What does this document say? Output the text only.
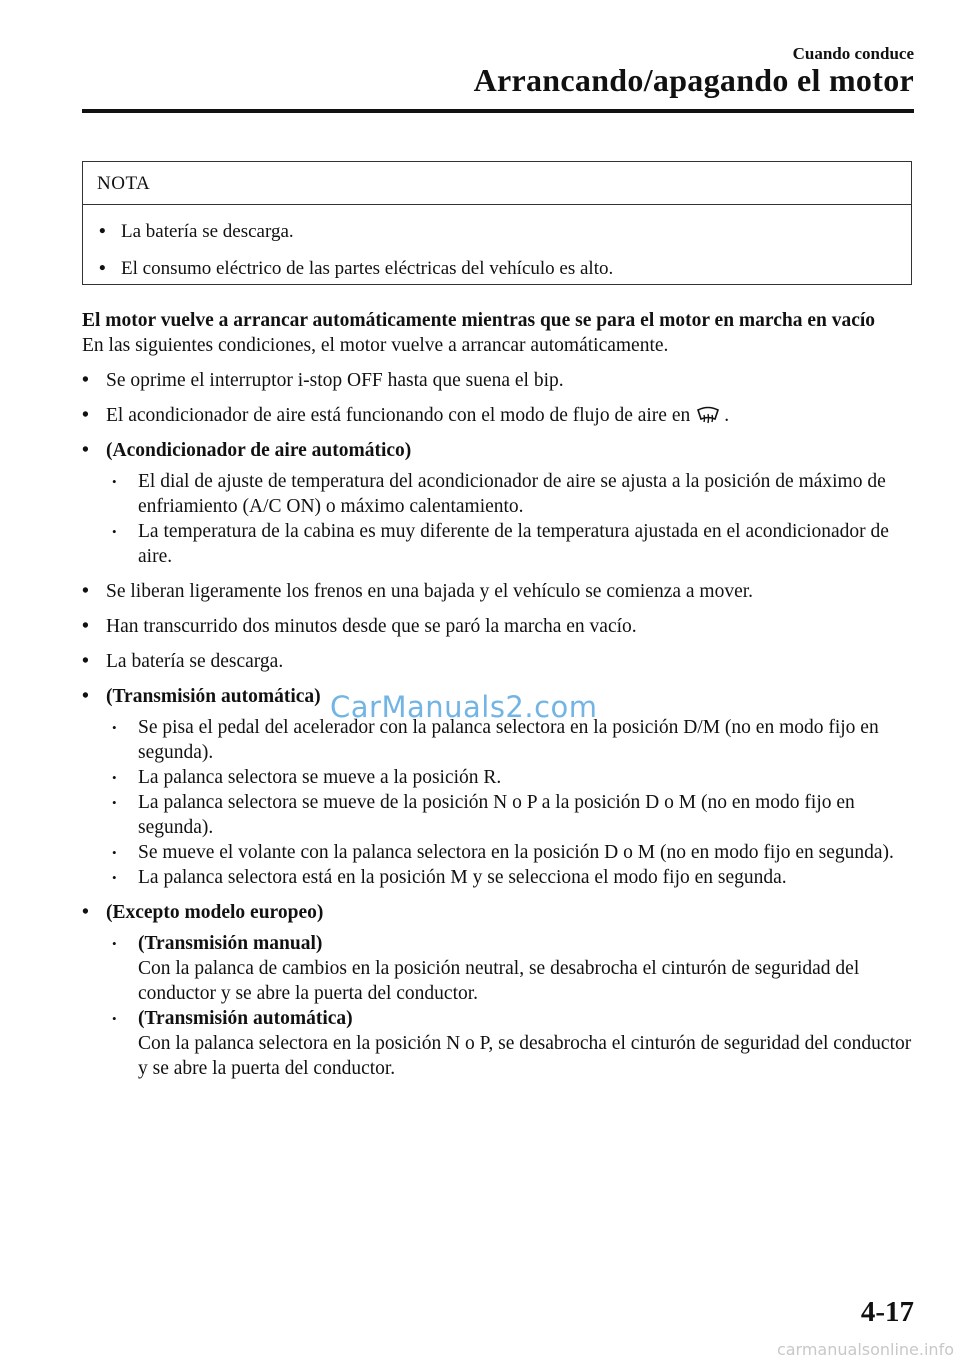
Cuando conduce
Arrancando/apagando el motor
NOTA
• La batería se descarga.
• El consumo eléctrico de las partes eléctricas del vehículo es alto.
El motor vuelve a arrancar automáticamente mientras que se para el motor en marcha en vacío
En las siguientes condiciones, el motor vuelve a arrancar automáticamente.
• Se oprime el interruptor i-stop OFF hasta que suena el bip.
• El acondicionador de aire está funcionando con el modo de flujo de aire en .
• (Acondicionador de aire automático)
•	El dial de ajuste de temperatura del acondicionador de aire se ajusta a la posición de máximo de enfriamiento (A/C ON) o máximo calentamiento.
•	La temperatura de la cabina es muy diferente de la temperatura ajustada en el acondicionador de aire.
• Se liberan ligeramente los frenos en una bajada y el vehículo se comienza a mover.
• Han transcurrido dos minutos desde que se paró la marcha en vacío.
• La batería se descarga.
• (Transmisión automática)
•	Se pisa el pedal del acelerador con la palanca selectora en la posición D/M (no en modo fijo en segunda).
•	La palanca selectora se mueve a la posición R.
•	La palanca selectora se mueve de la posición N o P a la posición D o M (no en modo fijo en segunda).
•	Se mueve el volante con la palanca selectora en la posición D o M (no en modo fijo en segunda).
•	La palanca selectora está en la posición M y se selecciona el modo fijo en segunda.
• (Excepto modelo europeo)
•	(Transmisión manual)
Con la palanca de cambios en la posición neutral, se desabrocha el cinturón de seguridad del conductor y se abre la puerta del conductor.
•	(Transmisión automática)
Con la palanca selectora en la posición N o P, se desabrocha el cinturón de seguridad del conductor y se abre la puerta del conductor.
CarManuals2.com
4-17
carmanualsonline.info
